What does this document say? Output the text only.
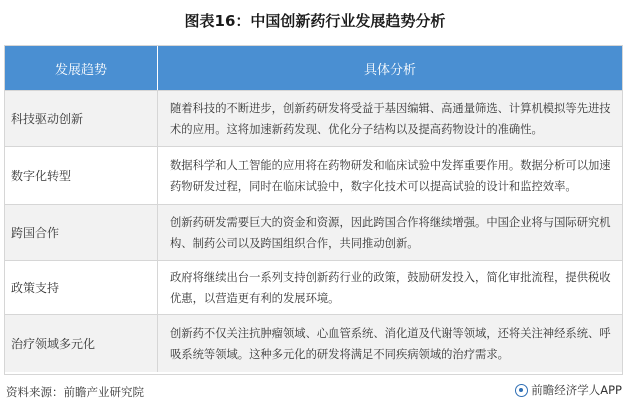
图表16：中国创新药行业发展趋势分析
发展趋势	具体分析
科技驱动创新
随着科技的不断进步，创新药研发将受益于基因编辑、高通量筛选、计算机模拟等先进技术的应用。这将加速新药发现、优化分子结构以及提高药物设计的准确性。
数字化转型
数据科学和人工智能的应用将在药物研发和临床试验中发挥重要作用。数据分析可以加速药物研发过程，同时在临床试验中，数字化技术可以提高试验的设计和监控效率。
跨国合作
创新药研发需要巨大的资金和资源，因此跨国合作将继续增强。中国企业将与国际研究机构、制药公司以及跨国组织合作，共同推动创新。
政策支持
政府将继续出台一系列支持创新药行业的政策，鼓励研发投入，简化审批流程，提供税收优惠，以营造更有利的发展环境。
治疗领域多元化
创新药不仅关注抗肿瘤领域、心血管系统、消化道及代谢等领域，还将关注神经系统、呼吸系统等领域。这种多元化的研发将满足不同疾病领域的治疗需求。
资料来源：前瞻产业研究院	前瞻经济学人APP
